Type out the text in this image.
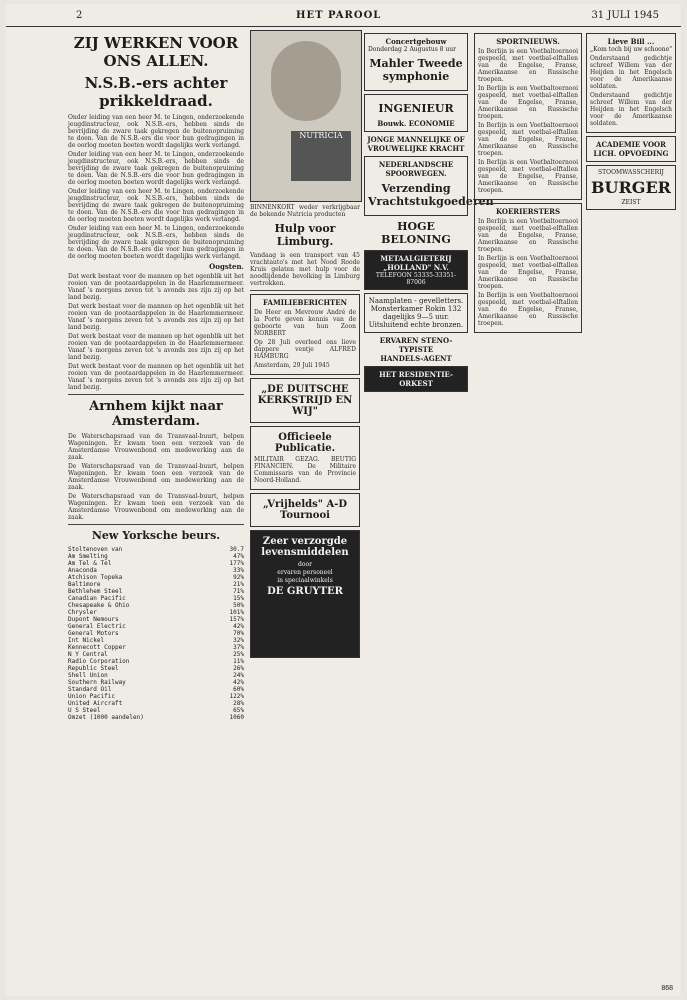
2	HET PAROOL	31 JULI 1945
ZIJ WERKEN VOOR ONS ALLEN.
N.S.B.-ers achter prikkeldraad.

Onder leiding van een heer M. te Lingen, onderzoekende jeugdinstructeur, ook N.S.B.-ers, hebben sinds de bevrijding de zware taak gekregen de buitenopruiming te doen. Van de N.S.B.-ers die voor hun gedragingen in de oorlog moeten boeten wordt dagelijks werk verlangd.

Onder leiding van een heer M. te Lingen, onderzoekende jeugdinstructeur, ook N.S.B.-ers, hebben sinds de bevrijding de zware taak gekregen de buitenopruiming te doen. Van de N.S.B.-ers die voor hun gedragingen in de oorlog moeten boeten wordt dagelijks werk verlangd.

Onder leiding van een heer M. te Lingen, onderzoekende jeugdinstructeur, ook N.S.B.-ers, hebben sinds de bevrijding de zware taak gekregen de buitenopruiming te doen. Van de N.S.B.-ers die voor hun gedragingen in de oorlog moeten boeten wordt dagelijks werk verlangd.

Onder leiding van een heer M. te Lingen, onderzoekende jeugdinstructeur, ook N.S.B.-ers, hebben sinds de bevrijding de zware taak gekregen de buitenopruiming te doen. Van de N.S.B.-ers die voor hun gedragingen in de oorlog moeten boeten wordt dagelijks werk verlangd.

Oogsten.

Dat werk bestaat voor de mannen op het ogenblik uit het rooien van de pootaardappelen in de Haarlemmermeer. Vanaf 's morgens zeven tot 's avonds zes zijn zij op het land bezig.

Dat werk bestaat voor de mannen op het ogenblik uit het rooien van de pootaardappelen in de Haarlemmermeer. Vanaf 's morgens zeven tot 's avonds zes zijn zij op het land bezig.

Dat werk bestaat voor de mannen op het ogenblik uit het rooien van de pootaardappelen in de Haarlemmermeer. Vanaf 's morgens zeven tot 's avonds zes zijn zij op het land bezig.

Dat werk bestaat voor de mannen op het ogenblik uit het rooien van de pootaardappelen in de Haarlemmermeer. Vanaf 's morgens zeven tot 's avonds zes zijn zij op het land bezig.

Arnhem kijkt naar Amsterdam.

De Waterschapsraad van de Transvaal-buurt, helpen Wageningen. Er kwam toen een verzoek van de Amsterdamse Vrouwenbond om medewerking aan de zaak.

De Waterschapsraad van de Transvaal-buurt, helpen Wageningen. Er kwam toen een verzoek van de Amsterdamse Vrouwenbond om medewerking aan de zaak.

De Waterschapsraad van de Transvaal-buurt, helpen Wageningen. Er kwam toen een verzoek van de Amsterdamse Vrouwenbond om medewerking aan de zaak.

New Yorksche beurs.
Stoltenoven van	30.7
Am Smelting	47%
Am Tel & Tel	177%
Anaconda	33%
Atchison Topeka	92%
Baltimore	21%
Bethlehem Steel	71%
Canadian Pacific	15%
Chesapeake & Ohio	50%
Chrysler	101%
Dupont Nemours	157%
General Electric	42%
General Motors	70%
Int Nickel	32%
Kennecott Copper	37%
N Y Central	25%
Radio Corporation	11%
Republic Steel	26%
Shell Union	24%
Southern Railway	42%
Standard Oil	60%
Union Pacific	122%
United Aircraft	28%
U S Steel	65%
Omzet (1000 aandelen)	1060
NUTRICIA

BINNENKORT weder verkrijgbaar de bekende Nutricia producten

Hulp voor Limburg.

Vandaag is een transport van 45 vrachtauto's met het Nood Roode Kruis gelaten met hulp voor de noodlijdende bevolking in Limburg vertrokken.

FAMILIEBERICHTEN

De Heer en Mevrouw André de la Porte geven kennis van de geboorte van hun Zoon NORBERT

Op 28 Juli overleed ons lieve dappere ventje ALFRED HAMBURG

Amsterdam, 29 Juli 1945

„DE DUITSCHE KERKSTRIJD EN WIJ"
Officieele Publicatie.

MILITAIR GEZAG. BEUTIG FINANCIEN. De Militaire Commissaris van de Provincie Noord-Holland.

„Vrijhelds" A-D Tournooi
Zeer verzorgde levensmiddelen
door
ervaren personeel
in speciaalwinkels
DE GRUYTER
Concertgebouw
Donderdag 2 Augustus 8 uur
Mahler Tweede symphonie
INGENIEUR
Bouwk. ECONOMIE
JONGE MANNELIJKE OF VROUWELIJKE KRACHT
NEDERLANDSCHE SPOORWEGEN.
Verzending Vrachtstukgoederen
HOGE BELONING
METAALGIETERIJ „HOLLAND" N.V.
TELEFOON 53335-33351-87006
Naamplaten - gevelletters.
Monsterkamer Rokin 132
dagelijks 9—5 uur.
Uitsluitend echte bronzen.
ERVAREN STENO-TYPISTE
HANDELS-AGENT
HET RESIDENTIE-ORKEST
SPORTNIEUWS.

In Berlijn is een Voetbaltoernooi gespeeld, met voetbal-elftallen van de Engelse, Franse, Amerikaanse en Russische troepen.

In Berlijn is een Voetbaltoernooi gespeeld, met voetbal-elftallen van de Engelse, Franse, Amerikaanse en Russische troepen.

In Berlijn is een Voetbaltoernooi gespeeld, met voetbal-elftallen van de Engelse, Franse, Amerikaanse en Russische troepen.

In Berlijn is een Voetbaltoernooi gespeeld, met voetbal-elftallen van de Engelse, Franse, Amerikaanse en Russische troepen.

KOERIERSTERS

In Berlijn is een Voetbaltoernooi gespeeld, met voetbal-elftallen van de Engelse, Franse, Amerikaanse en Russische troepen.

In Berlijn is een Voetbaltoernooi gespeeld, met voetbal-elftallen van de Engelse, Franse, Amerikaanse en Russische troepen.

In Berlijn is een Voetbaltoernooi gespeeld, met voetbal-elftallen van de Engelse, Franse, Amerikaanse en Russische troepen.

Lieve Bill ...
„Kom toch bij uw schoone"

Onderstaand gedichtje schreef Willem van der Heijden in het Engelsch voor de Amerikaanse soldaten.

Onderstaand gedichtje schreef Willem van der Heijden in het Engelsch voor de Amerikaanse soldaten.

ACADEMIE VOOR LICH. OPVOEDING
STOOMWASSCHERIJ
BURGER
ZEIST
868
